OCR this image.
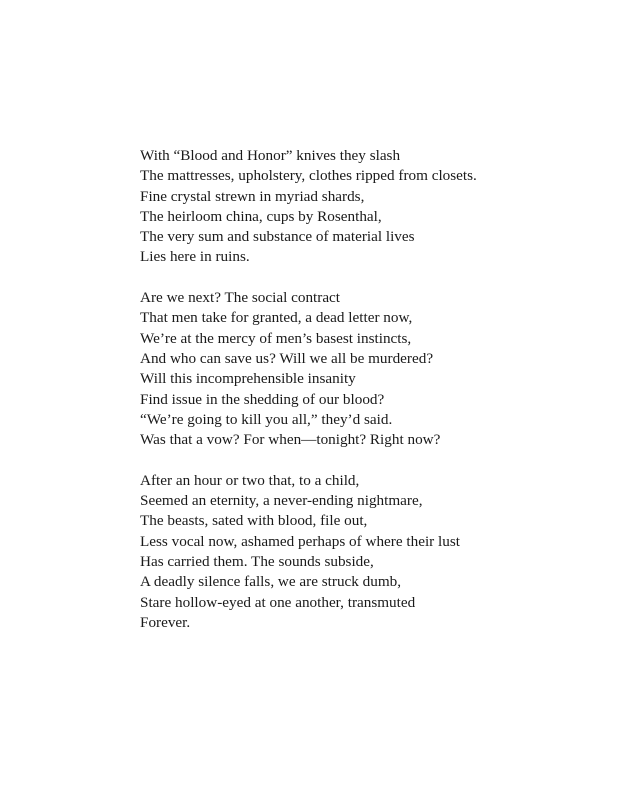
With “Blood and Honor” knives they slash
The mattresses, upholstery, clothes ripped from closets.
Fine crystal strewn in myriad shards,
The heirloom china, cups by Rosenthal,
The very sum and substance of material lives
Lies here in ruins.

Are we next? The social contract
That men take for granted, a dead letter now,
We’re at the mercy of men’s basest instincts,
And who can save us? Will we all be murdered?
Will this incomprehensible insanity
Find issue in the shedding of our blood?
“We’re going to kill you all,” they’d said.
Was that a vow? For when—tonight? Right now?

After an hour or two that, to a child,
Seemed an eternity, a never-ending nightmare,
The beasts, sated with blood, file out,
Less vocal now, ashamed perhaps of where their lust
Has carried them. The sounds subside,
A deadly silence falls, we are struck dumb,
Stare hollow-eyed at one another, transmuted
Forever.
